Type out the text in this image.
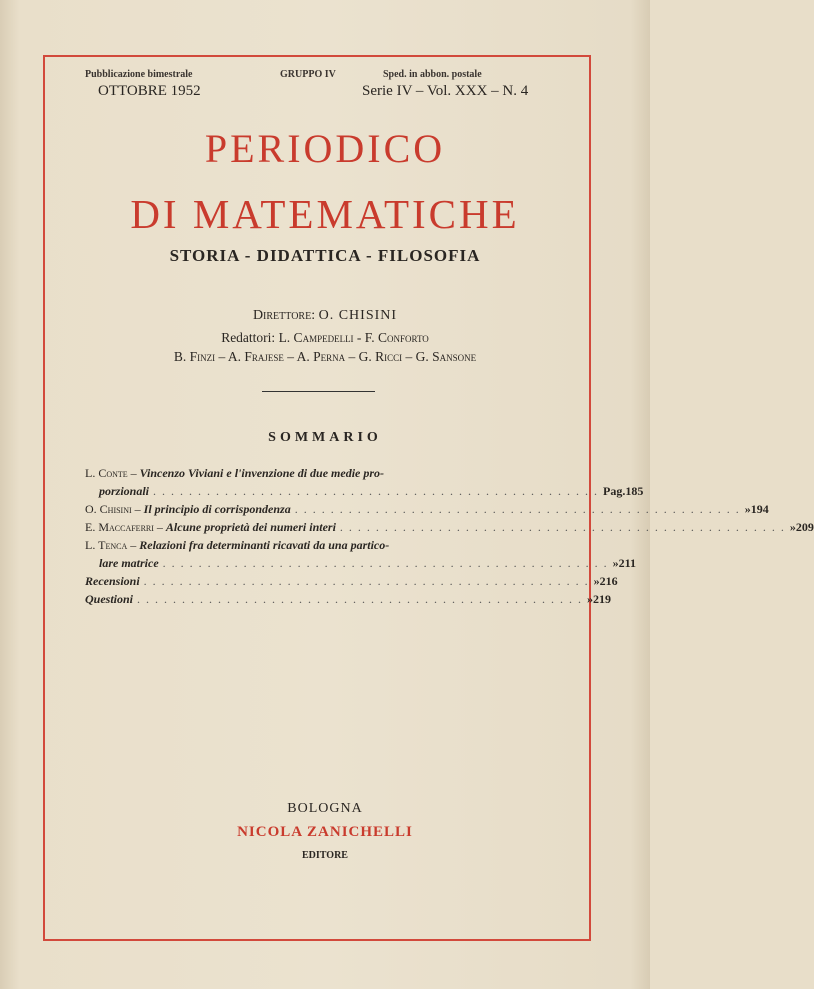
Pubblicazione bimestrale	GRUPPO IV	Sped. in abbon. postale
OTTOBRE 1952	Serie IV – Vol. XXX – N. 4
PERIODICO
DI MATEMATICHE
STORIA - DIDATTICA - FILOSOFIA
Direttore: O. CHISINI
Redattori: L. Campedelli - F. Conforto
B. Finzi – A. Frajese – A. Perna – G. Ricci – G. Sansone
SOMMARIO
L. Conte – Vincenzo Viviani e l'invenzione di due medie pro-
porzionali .................................................. Pag. 185
O. Chisini – Il principio di corrispondenza .................................................. » 194
E. Maccaferri – Alcune proprietà dei numeri interi .................................................. » 209
L. Tenca – Relazioni fra determinanti ricavati da una partico-
lare matrice .................................................. » 211
Recensioni .................................................. » 216
Questioni .................................................. » 219
BOLOGNA
NICOLA ZANICHELLI
EDITORE
